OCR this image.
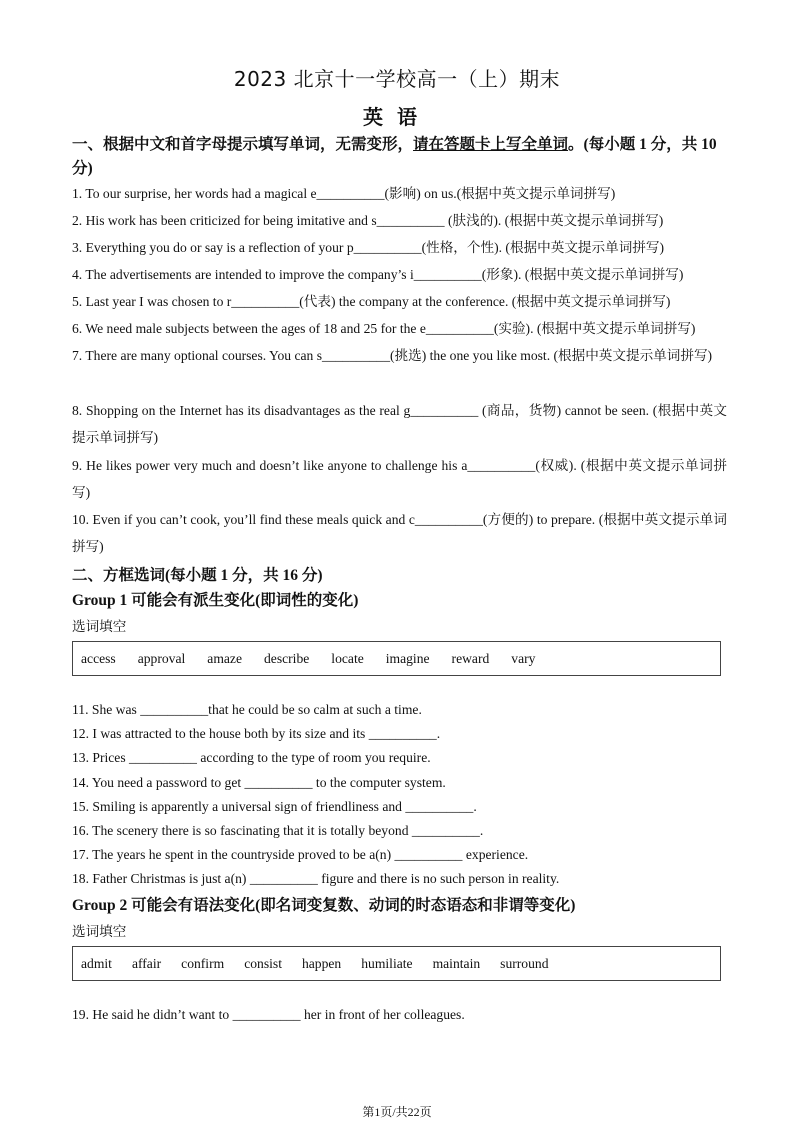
2023 北京十一学校高一（上）期末
英语
一、根据中文和首字母提示填写单词，无需变形，请在答题卡上写全单词。(每小题 1 分，共 10 分)
1. To our surprise, her words had a magical e__________(影响) on us.(根据中英文提示单词拼写)
2. His work has been criticized for being imitative and s__________ (肤浅的). (根据中英文提示单词拼写)
3. Everything you do or say is a reflection of your p__________(性格，个性). (根据中英文提示单词拼写)
4. The advertisements are intended to improve the company’s i__________(形象). (根据中英文提示单词拼写)
5. Last year I was chosen to r__________(代表) the company at the conference. (根据中英文提示单词拼写)
6. We need male subjects between the ages of 18 and 25 for the e__________(实验). (根据中英文提示单词拼写)
7. There are many optional courses. You can s__________(挑选) the one you like most. (根据中英文提示单词拼写)
8. Shopping on the Internet has its disadvantages as the real g__________ (商品，货物) cannot be seen. (根据中英文提示单词拼写)
9. He likes power very much and doesn’t like anyone to challenge his a__________(权威). (根据中英文提示单词拼写)
10. Even if you can’t cook, you’ll find these meals quick and c__________(方便的) to prepare. (根据中英文提示单词拼写)
二、方框选词(每小题 1 分，共 16 分)
Group 1 可能会有派生变化(即词性的变化)
选词填空
access approval amaze describe locate imagine reward vary
11. She was __________that he could be so calm at such a time.
12. I was attracted to the house both by its size and its __________.
13. Prices __________ according to the type of room you require.
14. You need a password to get __________ to the computer system.
15. Smiling is apparently a universal sign of friendliness and __________.
16. The scenery there is so fascinating that it is totally beyond __________.
17. The years he spent in the countryside proved to be a(n) __________ experience.
18. Father Christmas is just a(n) __________ figure and there is no such person in reality.
Group 2 可能会有语法变化(即名词变复数、动词的时态语态和非谓等变化)
选词填空
admit affair confirm consist happen humiliate maintain surround
19. He said he didn’t want to __________ her in front of her colleagues.
第1页/共22页
